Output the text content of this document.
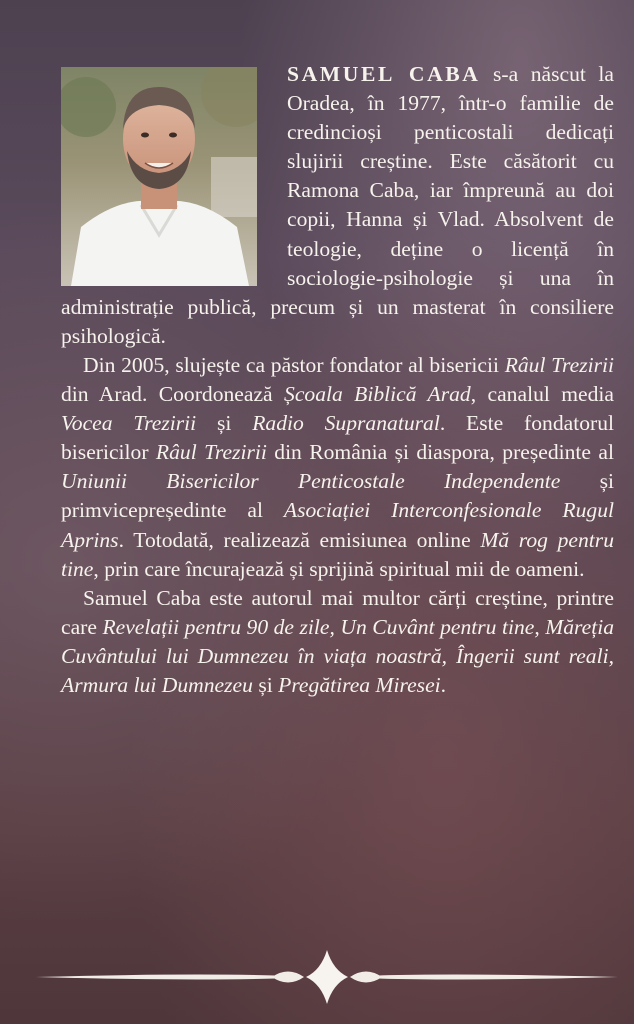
SAMUEL CABA s-a născut la Oradea, în 1977, într-o familie de credincioși penticostali dedicați slujirii creștine. Este căsătorit cu Ramona Caba, iar împreună au doi copii, Hanna și Vlad. Absolvent de teologie, deține o licență în sociologie-psihologie și una în administrație publică, precum și un masterat în consiliere psihologică.

Din 2005, slujește ca păstor fondator al bisericii Râul Trezirii din Arad. Coordonează Școala Biblică Arad, canalul media Vocea Trezirii și Radio Supranatural. Este fondatorul bisericilor Râul Trezirii din România și diaspora, președinte al Uniunii Bisericilor Penticostale Independente și primvicepreședinte al Asociației Interconfesionale Rugul Aprins. Totodată, realizează emisiunea online Mă rog pentru tine, prin care încurajează și sprijină spiritual mii de oameni.

Samuel Caba este autorul mai multor cărți creștine, printre care Revelații pentru 90 de zile, Un Cuvânt pentru tine, Măreția Cuvântului lui Dumnezeu în viața noastră, Îngerii sunt reali, Armura lui Dumnezeu și Pregătirea Miresei.
